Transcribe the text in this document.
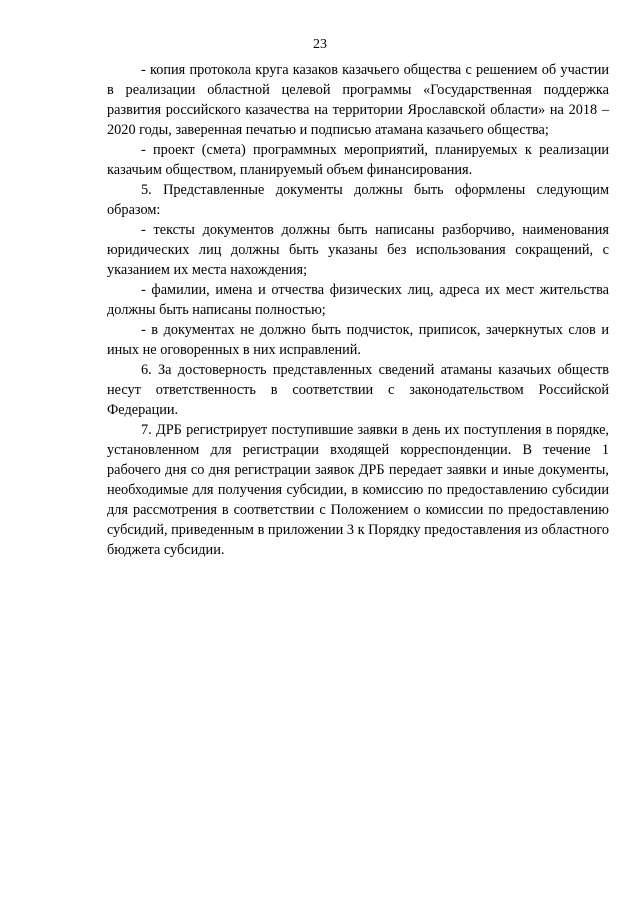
23

- копия протокола круга казаков казачьего общества с решением об участии в реализации областной целевой программы «Государственная поддержка развития российского казачества на территории Ярославской области» на 2018 – 2020 годы, заверенная печатью и подписью атамана казачьего общества;

- проект (смета) программных мероприятий, планируемых к реализации казачьим обществом, планируемый объем финансирования.

5. Представленные документы должны быть оформлены следующим образом:

- тексты документов должны быть написаны разборчиво, наименования юридических лиц должны быть указаны без использования сокращений, с указанием их места нахождения;

- фамилии, имена и отчества физических лиц, адреса их мест жительства должны быть написаны полностью;

- в документах не должно быть подчисток, приписок, зачеркнутых слов и иных не оговоренных в них исправлений.

6. За достоверность представленных сведений атаманы казачьих обществ несут ответственность в соответствии с законодательством Российской Федерации.

7. ДРБ регистрирует поступившие заявки в день их поступления в порядке, установленном для регистрации входящей корреспонденции. В течение 1 рабочего дня со дня регистрации заявок ДРБ передает заявки и иные документы, необходимые для получения субсидии, в комиссию по предоставлению субсидии для рассмотрения в соответствии с Положением о комиссии по предоставлению субсидий, приведенным в приложении 3 к Порядку предоставления из областного бюджета субсидии.
